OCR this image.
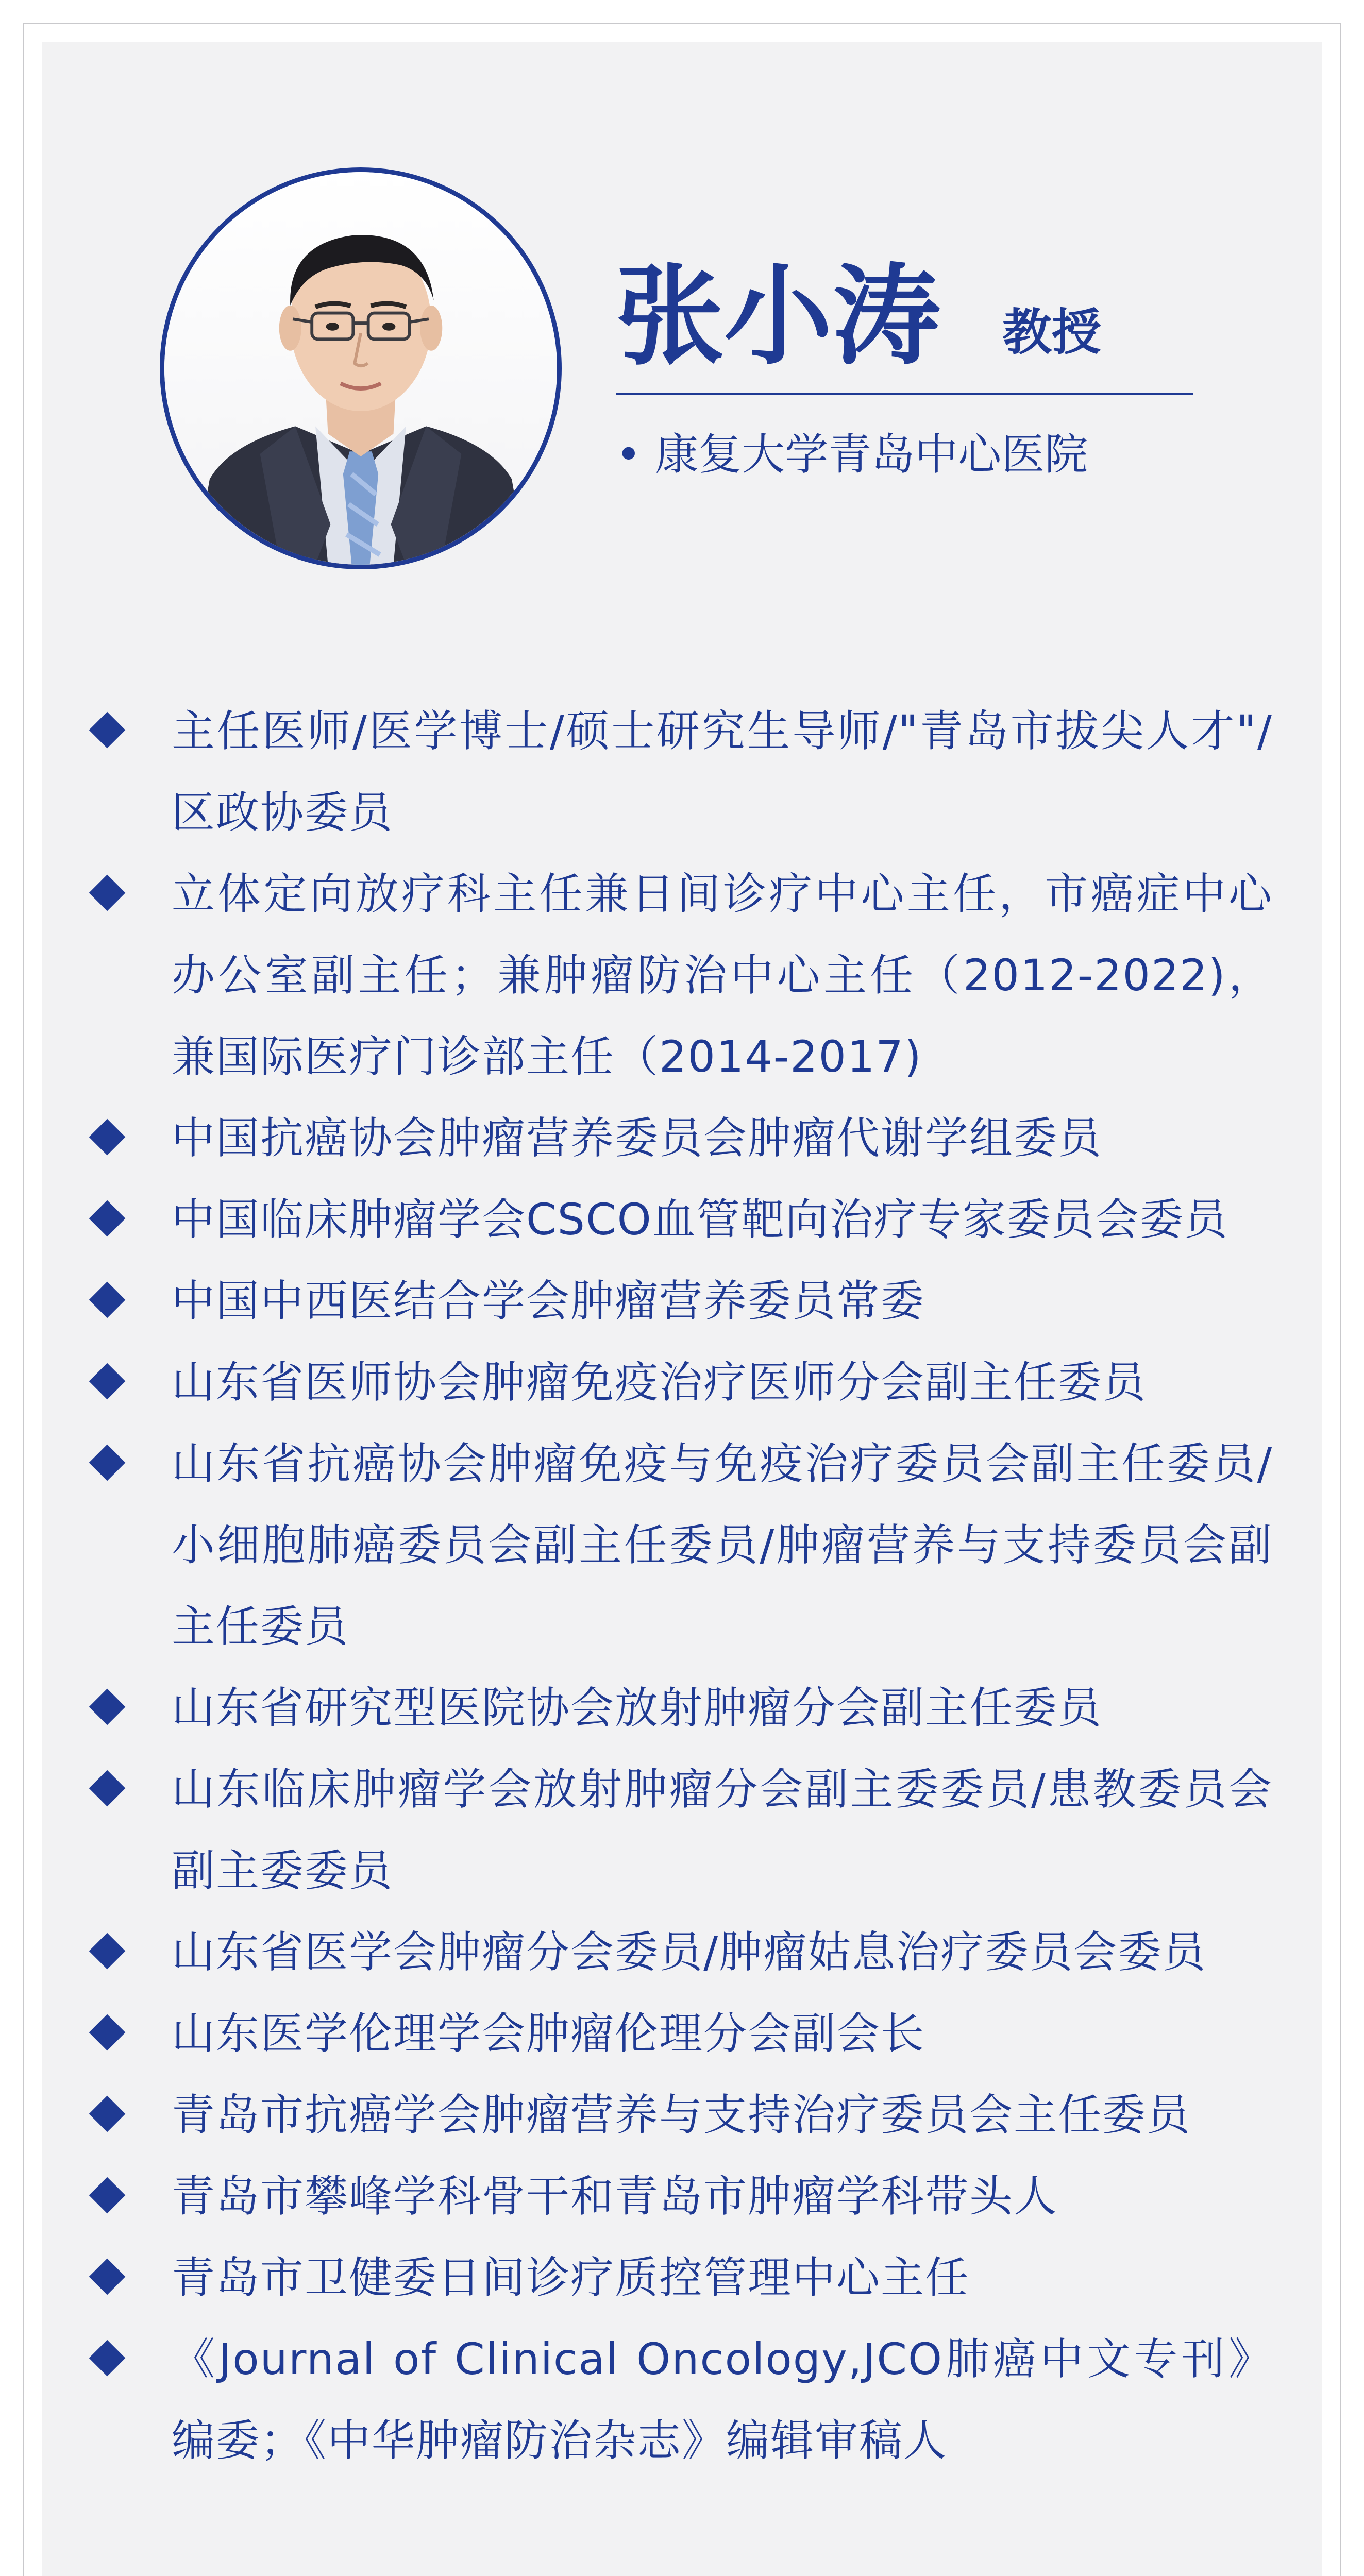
张小涛 教授
• 康复大学青岛中心医院
主任医师/医学博士/硕士研究生导师/"青岛市拔尖人才"/区政协委员
立体定向放疗科主任兼日间诊疗中心主任，市癌症中心办公室副主任；兼肿瘤防治中心主任（2012-2022)，兼国际医疗门诊部主任（2014-2017)
中国抗癌协会肿瘤营养委员会肿瘤代谢学组委员
中国临床肿瘤学会CSCO血管靶向治疗专家委员会委员
中国中西医结合学会肿瘤营养委员常委
山东省医师协会肿瘤免疫治疗医师分会副主任委员
山东省抗癌协会肿瘤免疫与免疫治疗委员会副主任委员/小细胞肺癌委员会副主任委员/肿瘤营养与支持委员会副主任委员
山东省研究型医院协会放射肿瘤分会副主任委员
山东临床肿瘤学会放射肿瘤分会副主委委员/患教委员会副主委委员
山东省医学会肿瘤分会委员/肿瘤姑息治疗委员会委员
山东医学伦理学会肿瘤伦理分会副会长
青岛市抗癌学会肿瘤营养与支持治疗委员会主任委员
青岛市攀峰学科骨干和青岛市肿瘤学科带头人
青岛市卫健委日间诊疗质控管理中心主任
《Journal of Clinical Oncology,JCO肺癌中文专刊》编委；《中华肿瘤防治杂志》编辑审稿人
